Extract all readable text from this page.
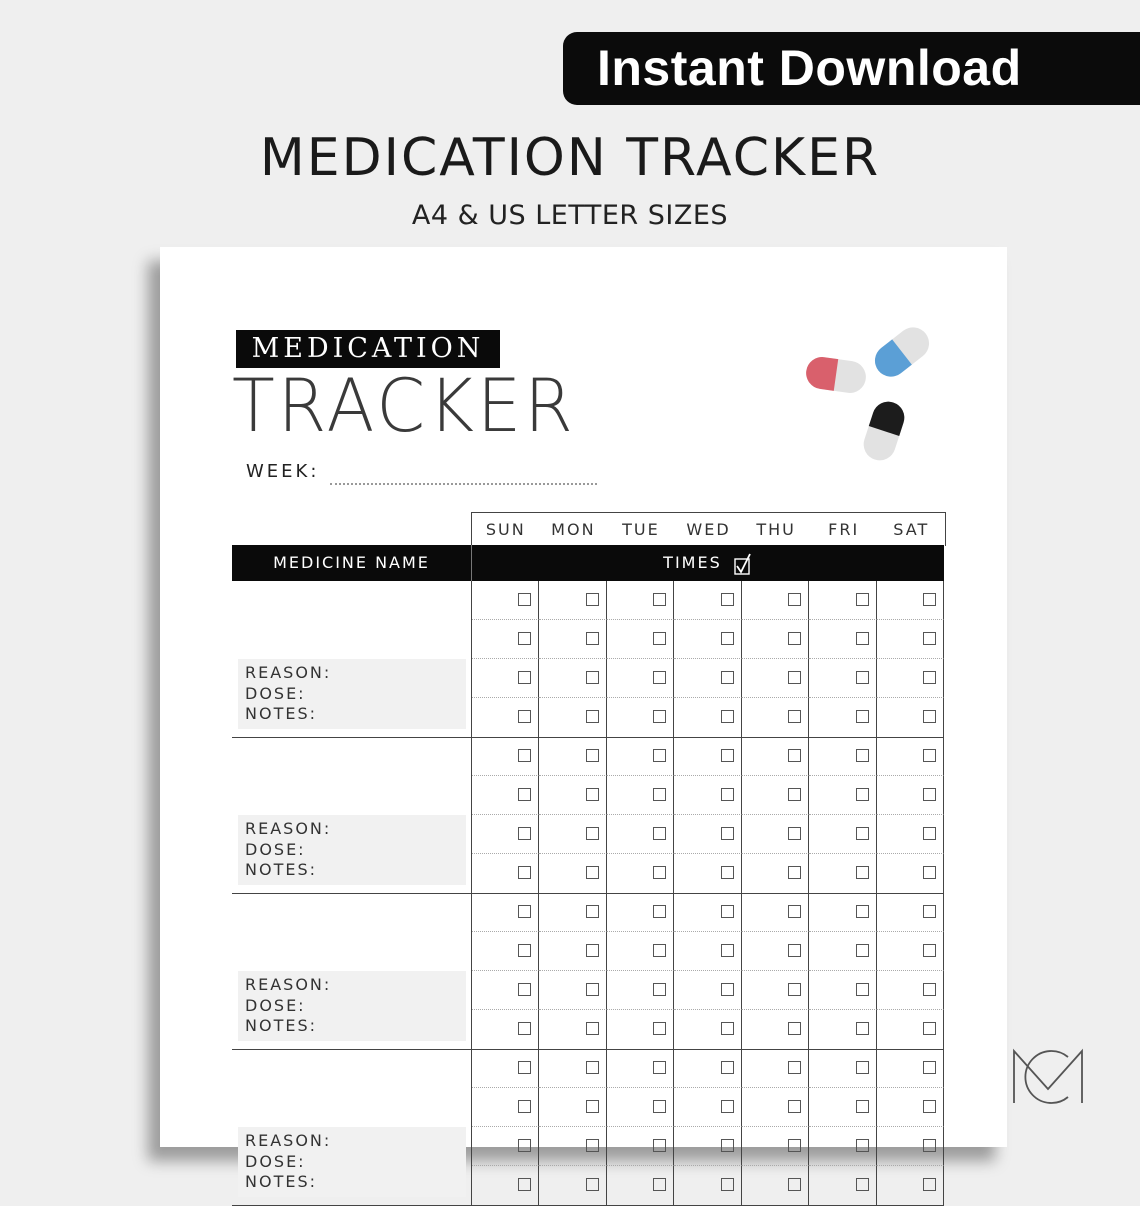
Instant Download
MEDICATION TRACKER
A4 & US LETTER SIZES
MEDICATION
TRACKER
WEEK:
SUN	MON	TUE	WED	THU	FRI	SAT
MEDICINE NAME	TIMES
REASON:
DOSE:
NOTES:
REASON:
DOSE:
NOTES:
REASON:
DOSE:
NOTES:
REASON:
DOSE:
NOTES:
